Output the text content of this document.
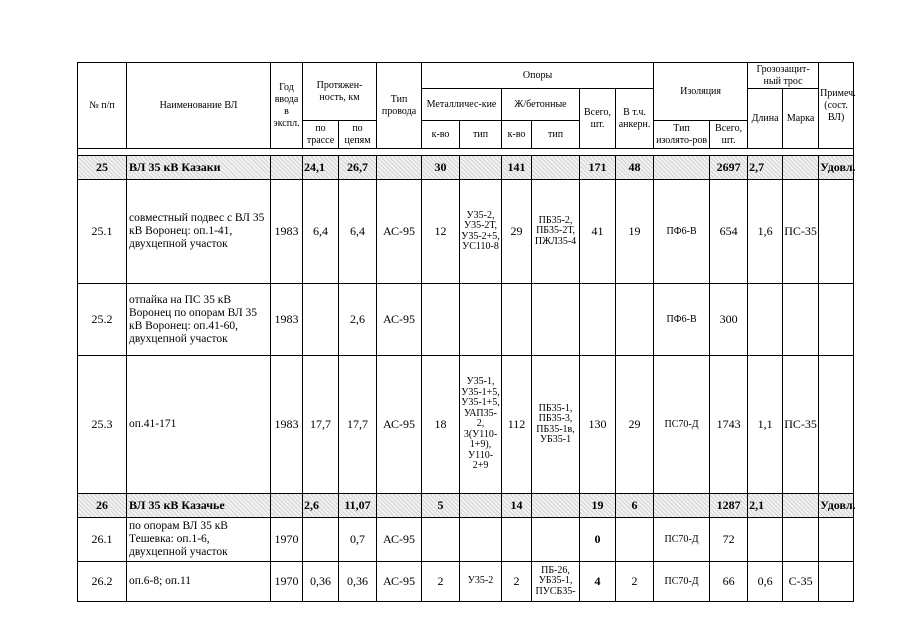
№ п/п	Наименование ВЛ	Год ввода в экспл.	Протяжен-ность, км		Тип провода	Опоры						Изоляция		Грозозащит-ный трос		Примеч. (сост. ВЛ)
						Металличес-кие		Ж/бетонные		Всего, шт.	В т.ч. анкерн.			Длина	Марка	
			по трассе	по цепям		к-во	тип	к-во	тип			Тип изолято-ров	Всего, шт.			

25	ВЛ 35 кВ Казаки		24,1	26,7		30		141		171	48		2697	2,7		Удовл.
25.1	совместный подвес с ВЛ 35 кВ Воронец: оп.1-41, двухцепной участок	1983	6,4	6,4	АС-95	12	У35-2, У35-2Т, У35-2+5, УС110-8	29	ПБ35-2, ПБ35-2Т, ПЖЛ35-4	41	19	ПФ6-В	654	1,6	ПС-35	
25.2	отпайка на ПС 35 кВ Воронец по опорам ВЛ 35 кВ Воронец: оп.41-60, двухцепной участок	1983		2,6	АС-95							ПФ6-В	300			
25.3	оп.41-171	1983	17,7	17,7	АС-95	18	У35-1, У35-1+5, У35-1+5, УАП35-2, 3(У110-1+9), У110-2+9	112	ПБ35-1, ПБ35-3, ПБ35-1в, УБ35-1	130	29	ПС70-Д	1743	1,1	ПС-35	
26	ВЛ 35 кВ Казачье		2,6	11,07		5		14		19	6		1287	2,1		Удовл.
26.1	по опорам ВЛ 35 кВ Тешевка: оп.1-6, двухцепной участок	1970		0,7	АС-95					0		ПС70-Д	72			
26.2	оп.6-8; оп.11	1970	0,36	0,36	АС-95	2	У35-2	2	ПБ-26, УБ35-1, ПУСБ35-	4	2	ПС70-Д	66	0,6	С-35	
